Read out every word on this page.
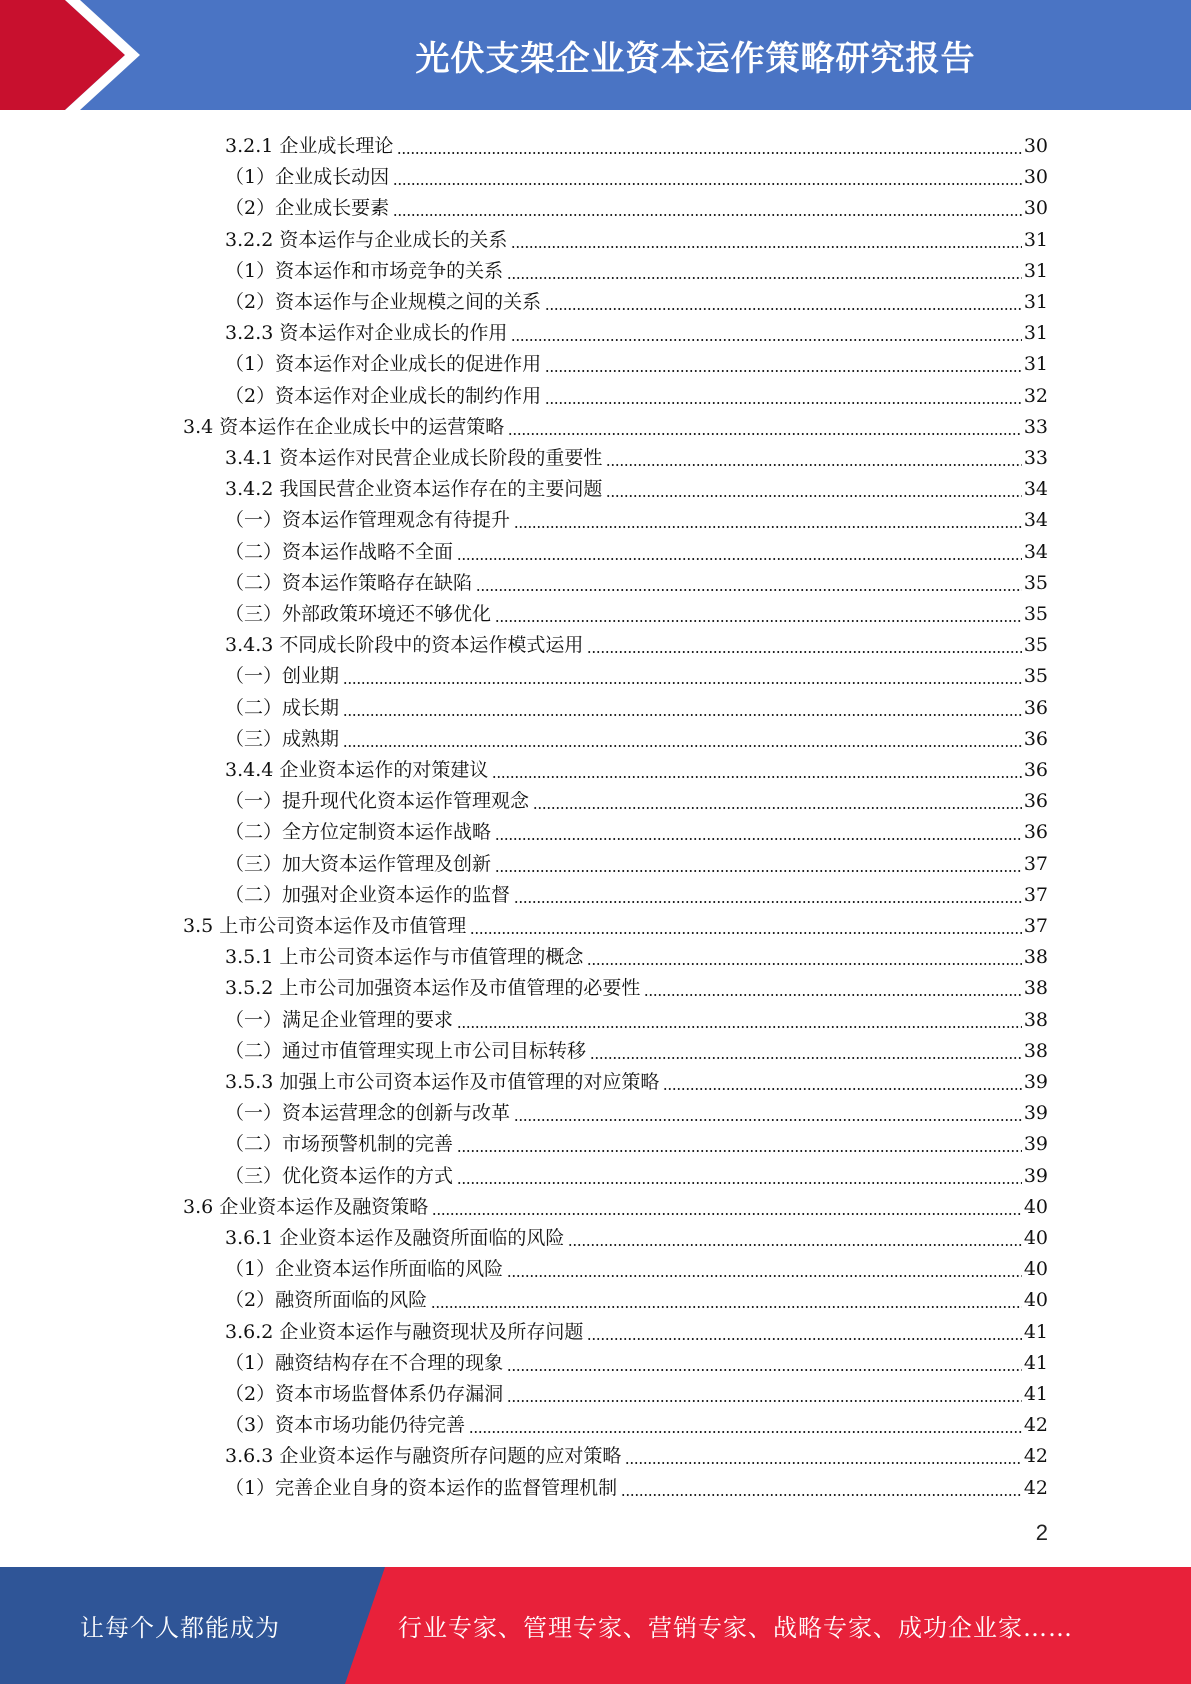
光伏支架企业资本运作策略研究报告
3.2.1 企业成长理论	30
（1）企业成长动因	30
（2）企业成长要素	30
3.2.2 资本运作与企业成长的关系	31
（1）资本运作和市场竞争的关系	31
（2）资本运作与企业规模之间的关系	31
3.2.3 资本运作对企业成长的作用	31
（1）资本运作对企业成长的促进作用	31
（2）资本运作对企业成长的制约作用	32
3.4 资本运作在企业成长中的运营策略	33
3.4.1 资本运作对民营企业成长阶段的重要性	33
3.4.2 我国民营企业资本运作存在的主要问题	34
（一）资本运作管理观念有待提升	34
（二）资本运作战略不全面	34
（二）资本运作策略存在缺陷	35
（三）外部政策环境还不够优化	35
3.4.3 不同成长阶段中的资本运作模式运用	35
（一）创业期	35
（二）成长期	36
（三）成熟期	36
3.4.4 企业资本运作的对策建议	36
（一）提升现代化资本运作管理观念	36
（二）全方位定制资本运作战略	36
（三）加大资本运作管理及创新	37
（二）加强对企业资本运作的监督	37
3.5 上市公司资本运作及市值管理	37
3.5.1 上市公司资本运作与市值管理的概念	38
3.5.2 上市公司加强资本运作及市值管理的必要性	38
（一）满足企业管理的要求	38
（二）通过市值管理实现上市公司目标转移	38
3.5.3 加强上市公司资本运作及市值管理的对应策略	39
（一）资本运营理念的创新与改革	39
（二）市场预警机制的完善	39
（三）优化资本运作的方式	39
3.6 企业资本运作及融资策略	40
3.6.1 企业资本运作及融资所面临的风险	40
（1）企业资本运作所面临的风险	40
（2）融资所面临的风险	40
3.6.2 企业资本运作与融资现状及所存问题	41
（1）融资结构存在不合理的现象	41
（2）资本市场监督体系仍存漏洞	41
（3）资本市场功能仍待完善	42
3.6.3 企业资本运作与融资所存问题的应对策略	42
（1）完善企业自身的资本运作的监督管理机制	42
2
让每个人都能成为	行业专家、管理专家、营销专家、战略专家、成功企业家……
